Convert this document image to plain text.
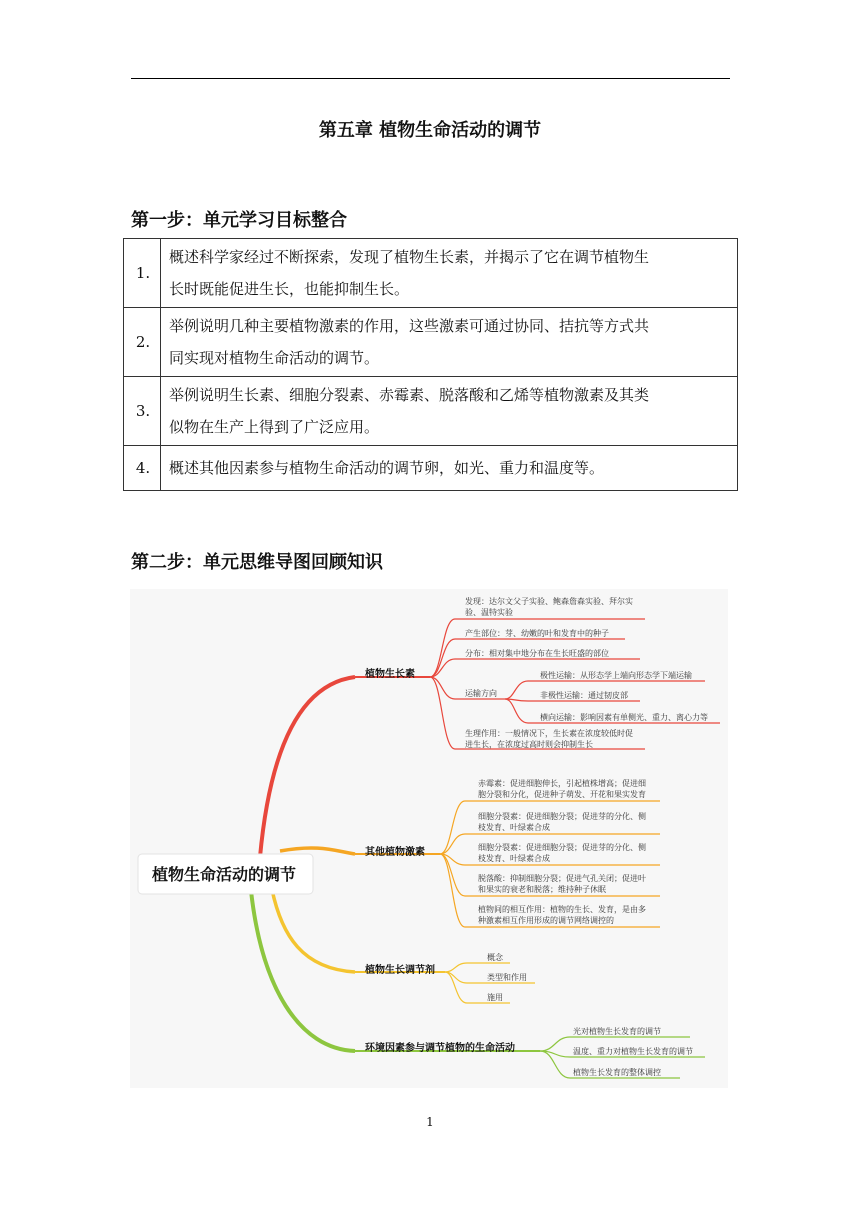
第五章 植物生命活动的调节
第一步：单元学习目标整合
1.	概述科学家经过不断探索，发现了植物生长素，并揭示了它在调节植物生
长时既能促进生长，也能抑制生长。
2.	举例说明几种主要植物激素的作用，这些激素可通过协同、拮抗等方式共
同实现对植物生命活动的调节。
3.	举例说明生长素、细胞分裂素、赤霉素、脱落酸和乙烯等植物激素及其类
似物在生产上得到了广泛应用。
4.	概述其他因素参与植物生命活动的调节卵，如光、重力和温度等。
第二步：单元思维导图回顾知识
植物生命活动的调节
植物生长素
其他植物激素
植物生长调节剂
环境因素参与调节植物的生命活动
发现：达尔文父子实验、鲍森詹森实验、拜尔实
验、温特实验
产生部位：芽、幼嫩的叶和发育中的种子
分布：相对集中地分布在生长旺盛的部位
运输方向
极性运输：从形态学上端向形态学下端运输
非极性运输：通过韧皮部
横向运输：影响因素有单侧光、重力、离心力等
生理作用：一般情况下，生长素在浓度较低时促
进生长，在浓度过高时则会抑制生长
赤霉素：促进细胞伸长，引起植株增高；促进细
胞分裂和分化，促进种子萌发、开花和果实发育
细胞分裂素：促进细胞分裂；促进芽的分化、侧
枝发育、叶绿素合成
细胞分裂素：促进细胞分裂；促进芽的分化、侧
枝发育、叶绿素合成
脱落酸：抑制细胞分裂；促进气孔关闭；促进叶
和果实的衰老和脱落；维持种子休眠
植物间的相互作用：植物的生长、发育，是由多
种激素相互作用形成的调节网络调控的
概念
类型和作用
施用
光对植物生长发育的调节
温度、重力对植物生长发育的调节
植物生长发育的整体调控
1
